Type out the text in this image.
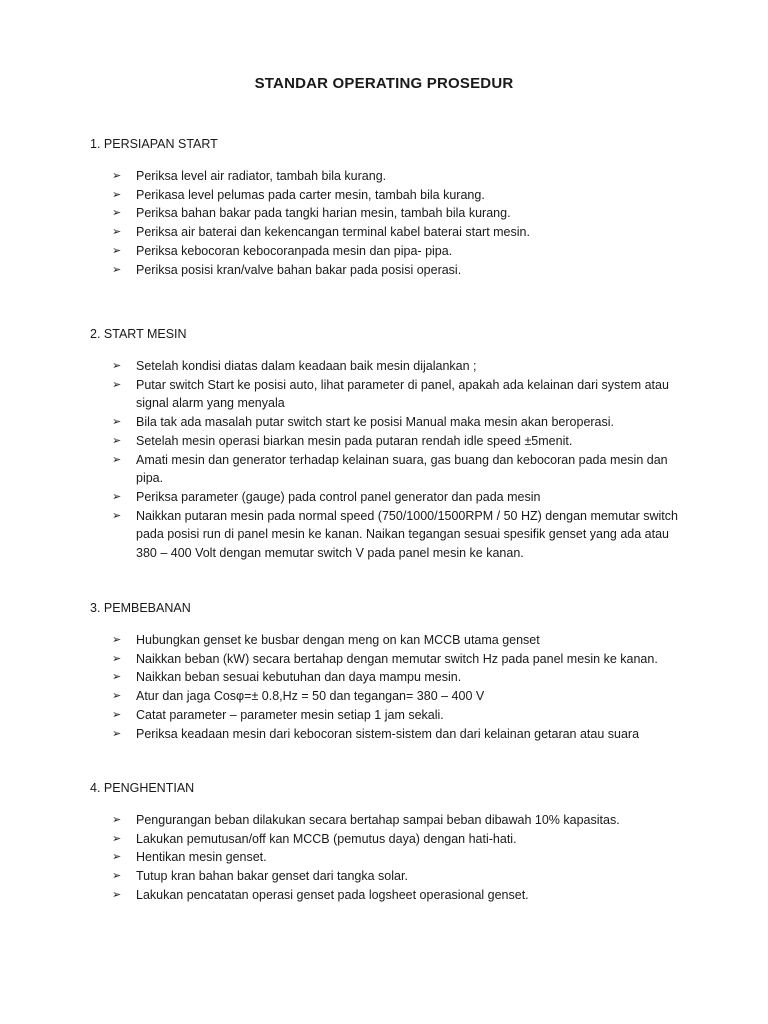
STANDAR OPERATING PROSEDUR

1. PERSIAPAN START

➢	Periksa level air radiator, tambah bila kurang.
➢	Perikasa level pelumas pada carter mesin, tambah bila kurang.
➢	Periksa bahan bakar pada tangki harian mesin, tambah bila kurang.
➢	Periksa air baterai dan kekencangan terminal kabel baterai start mesin.
➢	Periksa kebocoran kebocoranpada mesin dan pipa- pipa.
➢	Periksa posisi kran/valve bahan bakar pada posisi operasi.

2. START MESIN

➢	Setelah kondisi diatas dalam keadaan baik mesin dijalankan ;
➢	Putar switch Start ke posisi auto, lihat parameter di panel, apakah ada kelainan dari system atau signal alarm yang menyala
➢	Bila tak ada masalah putar switch start ke posisi Manual maka mesin akan beroperasi.
➢	Setelah mesin operasi biarkan mesin pada putaran rendah idle speed ±5menit.
➢	Amati mesin dan generator terhadap kelainan suara, gas buang dan kebocoran pada mesin dan pipa.
➢	Periksa parameter (gauge) pada control panel generator dan pada mesin
➢	Naikkan putaran mesin pada normal speed (750/1000/1500RPM / 50 HZ) dengan memutar switch pada posisi run di panel mesin ke kanan. Naikan tegangan sesuai spesifik genset yang ada atau 380 – 400 Volt dengan memutar switch V pada panel mesin ke kanan.

3. PEMBEBANAN

➢	Hubungkan genset ke busbar dengan meng on kan MCCB utama genset
➢	Naikkan beban (kW) secara bertahap dengan memutar switch Hz pada panel mesin ke kanan.
➢	Naikkan beban sesuai kebutuhan dan daya mampu mesin.
➢	Atur dan jaga Cosφ=± 0.8,Hz = 50 dan tegangan= 380 – 400 V
➢	Catat parameter – parameter mesin setiap 1 jam sekali.
➢	Periksa keadaan mesin dari kebocoran sistem-sistem dan dari kelainan getaran atau suara

4. PENGHENTIAN

➢	Pengurangan beban dilakukan secara bertahap sampai beban dibawah 10% kapasitas.
➢	Lakukan pemutusan/off kan MCCB (pemutus daya) dengan hati-hati.
➢	Hentikan mesin genset.
➢	Tutup kran bahan bakar genset dari tangka solar.
➢	Lakukan pencatatan operasi genset pada logsheet operasional genset.
